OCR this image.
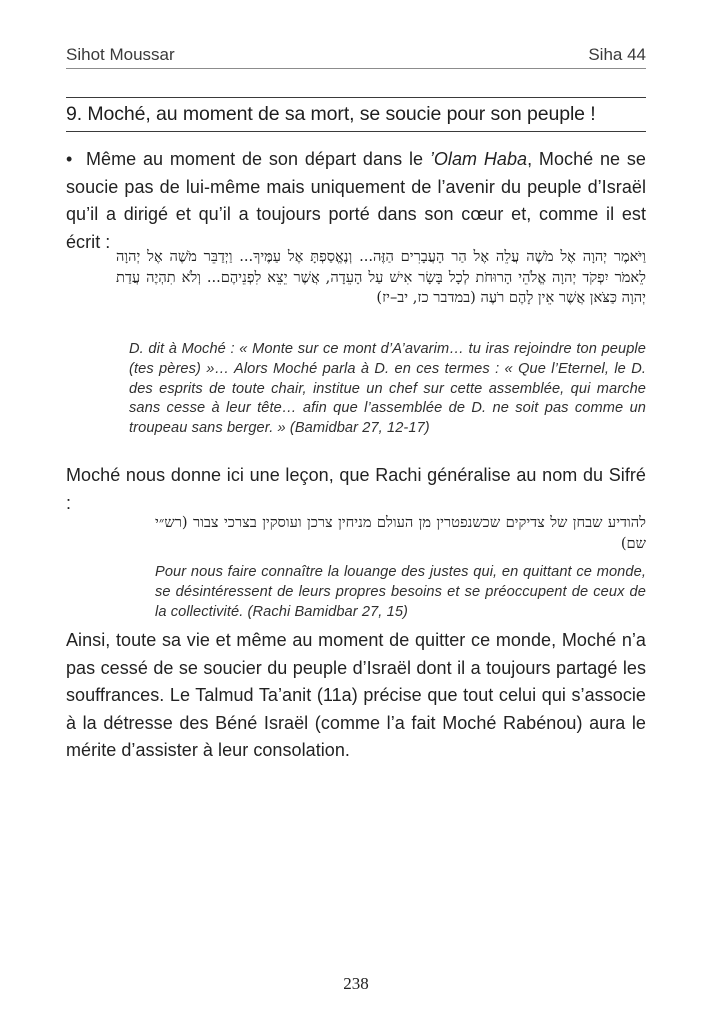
Sihot Moussar	Siha 44
9. Moché, au moment de sa mort, se soucie pour son peuple !
• Même au moment de son départ dans le ’Olam Haba, Moché ne se soucie pas de lui-même mais uniquement de l’avenir du peuple d’Israël qu’il a dirigé et qu’il a toujours porté dans son cœur et, comme il est écrit :
וַיֹּאמֶר יְהוָה אֶל מֹשֶׁה עֲלֵה אֶל הַר הָעֲבָרִים הַזֶּה... וְנֶאֱסַפְתָּ אֶל עַמֶּיךָ... וַיְדַבֵּר מֹשֶׁה אֶל יְהוָה לֵאמֹר יִפְקֹד יְהוָה אֱלֹהֵי הָרוּחֹת לְכָל בָּשָׂר אִישׁ עַל הָעֵדָה, אֲשֶׁר יֵצֵא לִפְנֵיהֶם... וְלֹא תִהְיֶה עֲדַת יְהוָה כַּצֹּאן אֲשֶׁר אֵין לָהֶם רֹעֶה (במדבר כז, יב–יז)
D. dit à Moché : « Monte sur ce mont d’A’avarim… tu iras rejoindre ton peuple (tes pères) »… Alors Moché parla à D. en ces termes : « Que l’Eternel, le D. des esprits de toute chair, institue un chef sur cette assemblée, qui marche sans cesse à leur tête… afin que l’assemblée de D. ne soit pas comme un troupeau sans berger. » (Bamidbar 27, 12-17)
Moché nous donne ici une leçon, que Rachi généralise au nom du Sifré :
להודיע שבחן של צדיקים שכשנפטרין מן העולם מניחין צרכן ועוסקין בצרכי צבור (רש״י שם)
Pour nous faire connaître la louange des justes qui, en quittant ce monde, se désintéressent de leurs propres besoins et se préoccupent de ceux de la collectivité. (Rachi Bamidbar 27, 15)
Ainsi, toute sa vie et même au moment de quitter ce monde, Moché n’a pas cessé de se soucier du peuple d’Israël dont il a toujours partagé les souffrances. Le Talmud Ta’anit (11a) précise que tout celui qui s’associe à la détresse des Béné Israël (comme l’a fait Moché Rabénou) aura le mérite d’assister à leur consolation.
238
